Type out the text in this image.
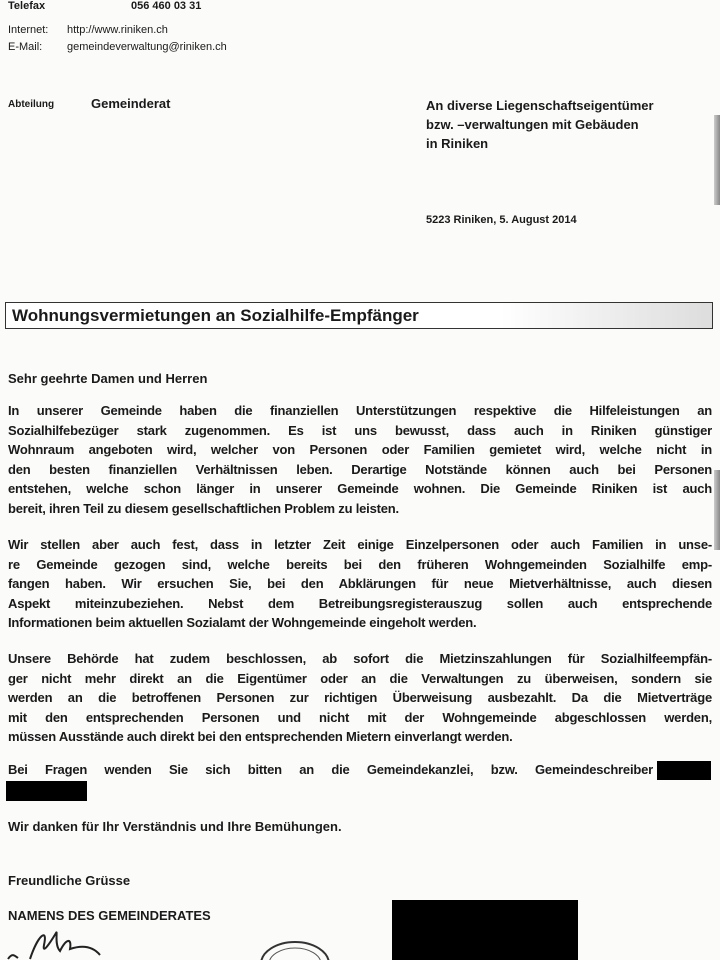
Telefax	056 460 03 31
Internet: http://www.riniken.ch
E-Mail: gemeindeverwaltung@riniken.ch
Abteilung	Gemeinderat	An diverse Liegenschaftseigentümer
bzw. –verwaltungen mit Gebäuden
in Riniken
5223 Riniken, 5. August 2014
Wohnungsvermietungen an Sozialhilfe-Empfänger
Sehr geehrte Damen und Herren
In unserer Gemeinde haben die finanziellen Unterstützungen respektive die Hilfeleistungen an
Sozialhilfebezüger stark zugenommen. Es ist uns bewusst, dass auch in Riniken günstiger
Wohnraum angeboten wird, welcher von Personen oder Familien gemietet wird, welche nicht in
den besten finanziellen Verhältnissen leben. Derartige Notstände können auch bei Personen
entstehen, welche schon länger in unserer Gemeinde wohnen. Die Gemeinde Riniken ist auch
bereit, ihren Teil zu diesem gesellschaftlichen Problem zu leisten.
Wir stellen aber auch fest, dass in letzter Zeit einige Einzelpersonen oder auch Familien in unse-
re Gemeinde gezogen sind, welche bereits bei den früheren Wohngemeinden Sozialhilfe emp-
fangen haben. Wir ersuchen Sie, bei den Abklärungen für neue Mietverhältnisse, auch diesen
Aspekt miteinzubeziehen. Nebst dem Betreibungsregisterauszug sollen auch entsprechende
Informationen beim aktuellen Sozialamt der Wohngemeinde eingeholt werden.
Unsere Behörde hat zudem beschlossen, ab sofort die Mietzinszahlungen für Sozialhilfeempfän-
ger nicht mehr direkt an die Eigentümer oder an die Verwaltungen zu überweisen, sondern sie
werden an die betroffenen Personen zur richtigen Überweisung ausbezahlt. Da die Mietverträge
mit den entsprechenden Personen und nicht mit der Wohngemeinde abgeschlossen werden,
müssen Ausstände auch direkt bei den entsprechenden Mietern einverlangt werden.
Bei Fragen wenden Sie sich bitten an die Gemeindekanzlei, bzw. Gemeindeschreiber
Wir danken für Ihr Verständnis und Ihre Bemühungen.
Freundliche Grüsse
NAMENS DES GEMEINDERATES
